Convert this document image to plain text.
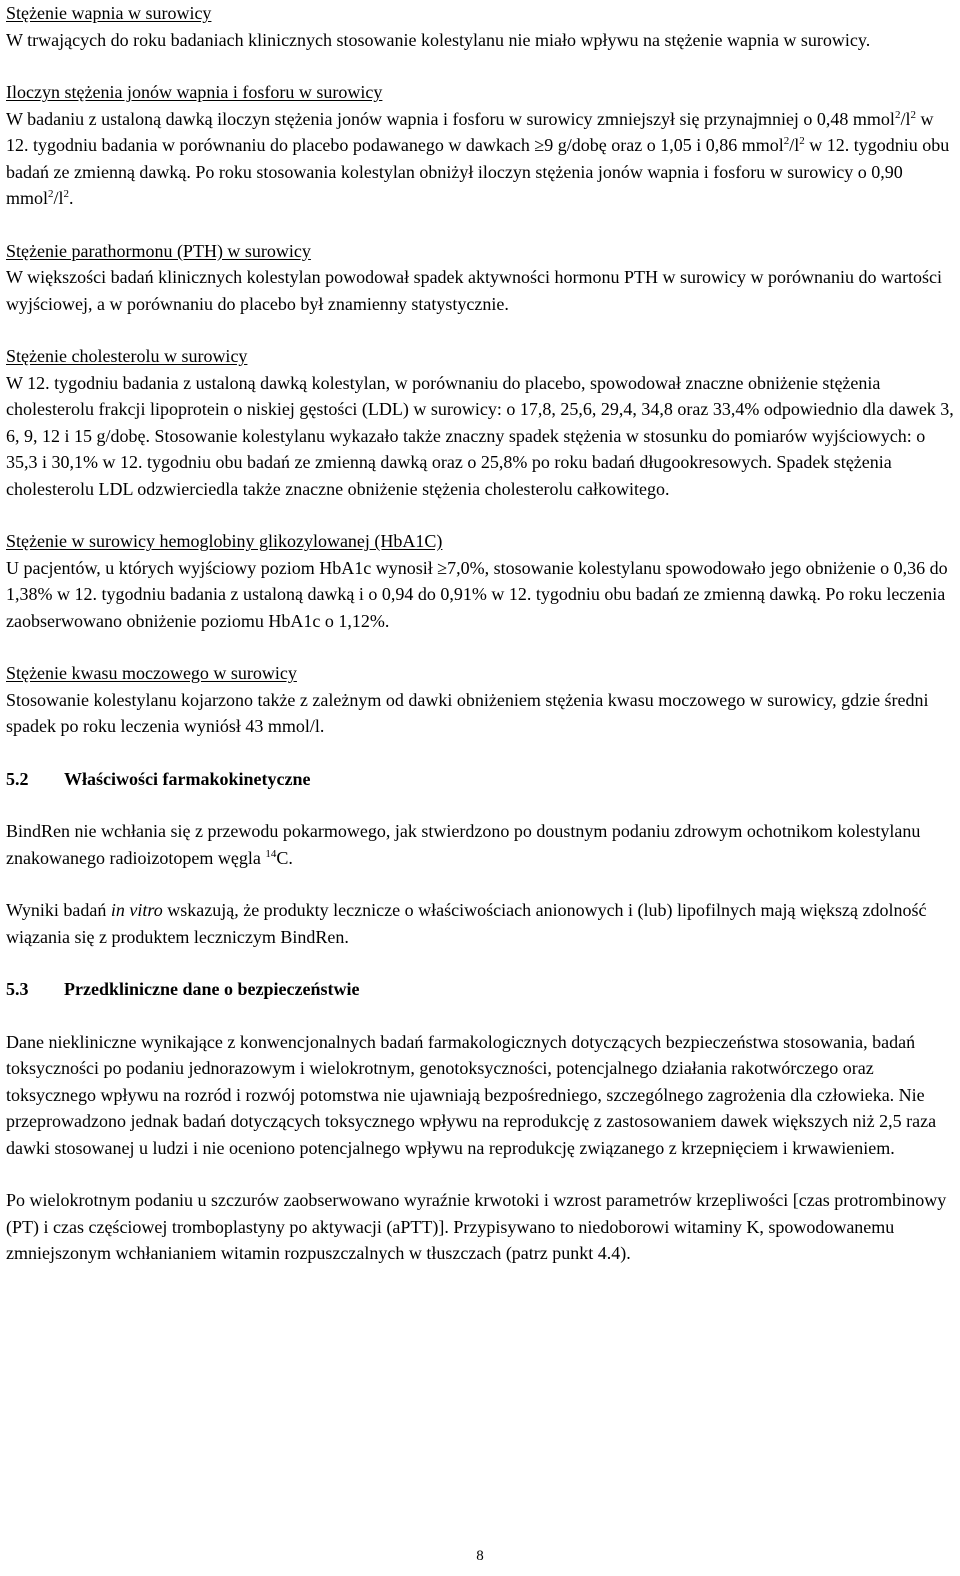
Stężenie wapnia w surowicy
W trwających do roku badaniach klinicznych stosowanie kolestylanu nie miało wpływu na stężenie wapnia w surowicy.

Iloczyn stężenia jonów wapnia i fosforu w surowicy
W badaniu z ustaloną dawką iloczyn stężenia jonów wapnia i fosforu w surowicy zmniejszył się przynajmniej o 0,48 $mmol^2/l^2$ w 12. tygodniu badania w porównaniu do placebo podawanego w dawkach ≥9 g/dobę oraz o 1,05 i 0,86 $mmol^2/l^2$ w 12. tygodniu obu badań ze zmienną dawką. Po roku stosowania kolestylan obniżył iloczyn stężenia jonów wapnia i fosforu w surowicy o 0,90 $mmol^2/l^2$.

Stężenie parathormonu (PTH) w surowicy
W większości badań klinicznych kolestylan powodował spadek aktywności hormonu PTH w surowicy w porównaniu do wartości wyjściowej, a w porównaniu do placebo był znamienny statystycznie.

Stężenie cholesterolu w surowicy
W 12. tygodniu badania z ustaloną dawką kolestylan, w porównaniu do placebo, spowodował znaczne obniżenie stężenia cholesterolu frakcji lipoprotein o niskiej gęstości (LDL) w surowicy: o 17,8, 25,6, 29,4, 34,8 oraz 33,4% odpowiednio dla dawek 3, 6, 9, 12 i 15 g/dobę. Stosowanie kolestylanu wykazało także znaczny spadek stężenia w stosunku do pomiarów wyjściowych: o 35,3 i 30,1% w 12. tygodniu obu badań ze zmienną dawką oraz o 25,8% po roku badań długookresowych. Spadek stężenia cholesterolu LDL odzwierciedla także znaczne obniżenie stężenia cholesterolu całkowitego.

Stężenie w surowicy hemoglobiny glikozylowanej (HbA1C)
U pacjentów, u których wyjściowy poziom HbA1c wynosił ≥7,0%, stosowanie kolestylanu spowodowało jego obniżenie o 0,36 do 1,38% w 12. tygodniu badania z ustaloną dawką i o 0,94 do 0,91% w 12. tygodniu obu badań ze zmienną dawką. Po roku leczenia zaobserwowano obniżenie poziomu HbA1c o 1,12%.

Stężenie kwasu moczowego w surowicy
Stosowanie kolestylanu kojarzono także z zależnym od dawki obniżeniem stężenia kwasu moczowego w surowicy, gdzie średni spadek po roku leczenia wyniósł 43 mmol/l.

5.2 Właściwości farmakokinetyczne

BindRen nie wchłania się z przewodu pokarmowego, jak stwierdzono po doustnym podaniu zdrowym ochotnikom kolestylanu znakowanego radioizotopem węgla $^{14}$C.

Wyniki badań in vitro wskazują, że produkty lecznicze o właściwościach anionowych i (lub) lipofilnych mają większą zdolność wiązania się z produktem leczniczym BindRen.

5.3 Przedkliniczne dane o bezpieczeństwie

Dane niekliniczne wynikające z konwencjonalnych badań farmakologicznych dotyczących bezpieczeństwa stosowania, badań toksyczności po podaniu jednorazowym i wielokrotnym, genotoksyczności, potencjalnego działania rakotwórczego oraz toksycznego wpływu na rozród i rozwój potomstwa nie ujawniają bezpośredniego, szczególnego zagrożenia dla człowieka. Nie przeprowadzono jednak badań dotyczących toksycznego wpływu na reprodukcję z zastosowaniem dawek większych niż 2,5 raza dawki stosowanej u ludzi i nie oceniono potencjalnego wpływu na reprodukcję związanego z krzepnięciem i krwawieniem.

Po wielokrotnym podaniu u szczurów zaobserwowano wyraźnie krwotoki i wzrost parametrów krzepliwości [czas protrombinowy (PT) i czas częściowej tromboplastyny po aktywacji (aPTT)]. Przypisywano to niedoborowi witaminy K, spowodowanemu zmniejszonym wchłanianiem witamin rozpuszczalnych w tłuszczach (patrz punkt 4.4).

8
